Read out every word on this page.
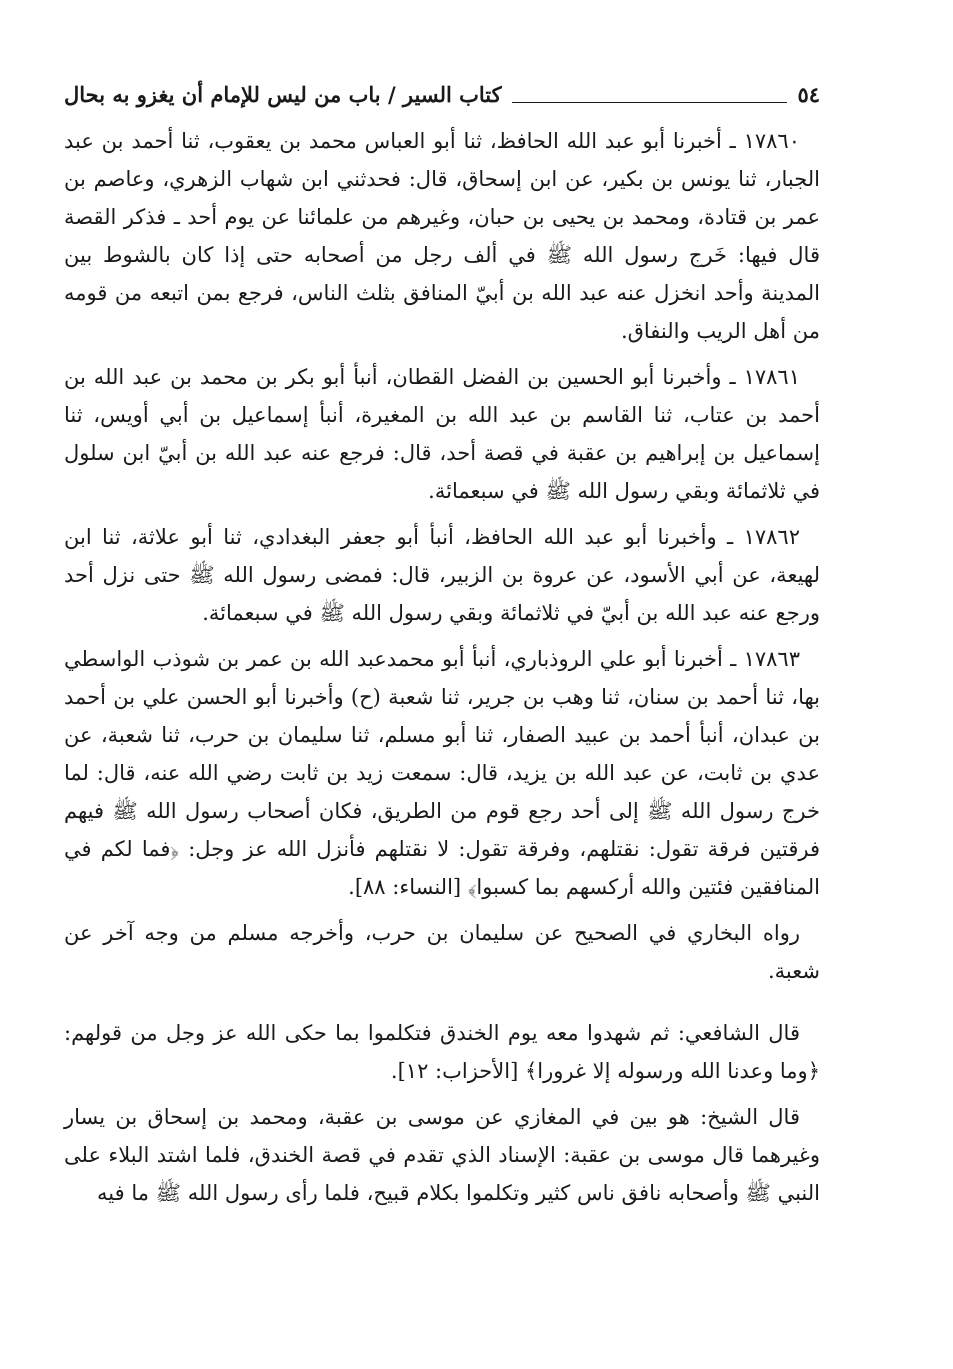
٥٤
كتاب السير / باب من ليس للإمام أن يغزو به بحال

١٧٨٦٠ ـ أخبرنا أبو عبد الله الحافظ، ثنا أبو العباس محمد بن يعقوب، ثنا أحمد بن عبد الجبار، ثنا يونس بن بكير، عن ابن إسحاق، قال: فحدثني ابن شهاب الزهري، وعاصم بن عمر بن قتادة، ومحمد بن يحيى بن حبان، وغيرهم من علمائنا عن يوم أحد ـ فذكر القصة قال فيها: خَرج رسول الله ﷺ في ألف رجل من أصحابه حتى إذا كان بالشوط بين المدينة وأحد انخزل عنه عبد الله بن أبيّ المنافق بثلث الناس، فرجع بمن اتبعه من قومه من أهل الريب والنفاق.

١٧٨٦١ ـ وأخبرنا أبو الحسين بن الفضل القطان، أنبأ أبو بكر بن محمد بن عبد الله بن أحمد بن عتاب، ثنا القاسم بن عبد الله بن المغيرة، أنبأ إسماعيل بن أبي أويس، ثنا إسماعيل بن إبراهيم بن عقبة في قصة أحد، قال: فرجع عنه عبد الله بن أبيّ ابن سلول في ثلاثمائة وبقي رسول الله ﷺ في سبعمائة.

١٧٨٦٢ ـ وأخبرنا أبو عبد الله الحافظ، أنبأ أبو جعفر البغدادي، ثنا أبو علاثة، ثنا ابن لهيعة، عن أبي الأسود، عن عروة بن الزبير، قال: فمضى رسول الله ﷺ حتى نزل أحد ورجع عنه عبد الله بن أبيّ في ثلاثمائة وبقي رسول الله ﷺ في سبعمائة.

١٧٨٦٣ ـ أخبرنا أبو علي الروذباري، أنبأ أبو محمدعبد الله بن عمر بن شوذب الواسطي بها، ثنا أحمد بن سنان، ثنا وهب بن جرير، ثنا شعبة (ح) وأخبرنا أبو الحسن علي بن أحمد بن عبدان، أنبأ أحمد بن عبيد الصفار، ثنا أبو مسلم، ثنا سليمان بن حرب، ثنا شعبة، عن عدي بن ثابت، عن عبد الله بن يزيد، قال: سمعت زيد بن ثابت رضي الله عنه، قال: لما خرج رسول الله ﷺ إلى أحد رجع قوم من الطريق، فكان أصحاب رسول الله ﷺ فيهم فرقتين فرقة تقول: نقتلهم، وفرقة تقول: لا نقتلهم فأنزل الله عز وجل: ﴿فما لكم في المنافقين فئتين والله أركسهم بما كسبوا﴾ [النساء: ٨٨].

رواه البخاري في الصحيح عن سليمان بن حرب، وأخرجه مسلم من وجه آخر عن شعبة.

قال الشافعي: ثم شهدوا معه يوم الخندق فتكلموا بما حكى الله عز وجل من قولهم: ﴿وما وعدنا الله ورسوله إلا غرورا﴾ [الأحزاب: ١٢].

قال الشيخ: هو بين في المغازي عن موسى بن عقبة، ومحمد بن إسحاق بن يسار وغيرهما قال موسى بن عقبة: الإسناد الذي تقدم في قصة الخندق، فلما اشتد البلاء على النبي ﷺ وأصحابه نافق ناس كثير وتكلموا بكلام قبيح، فلما رأى رسول الله ﷺ ما فيه
